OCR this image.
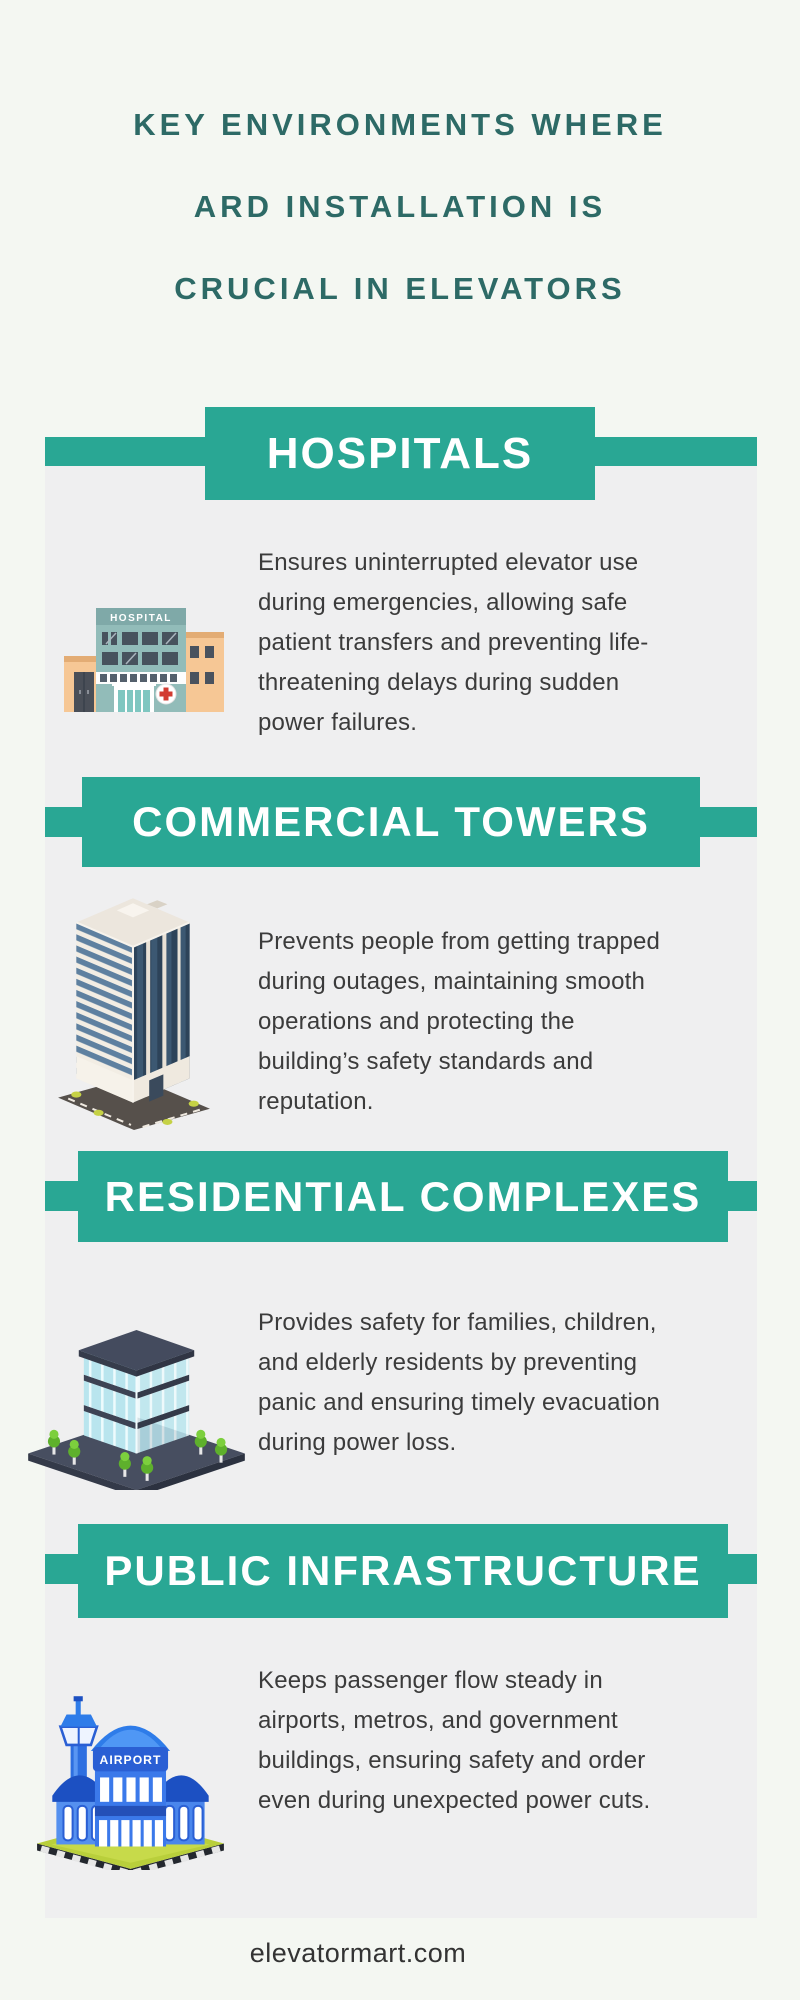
KEY ENVIRONMENTS WHERE
ARD INSTALLATION IS
CRUCIAL IN ELEVATORS
HOSPITALS
HOSPITAL

Ensures uninterrupted elevator use during emergencies, allowing safe patient transfers and preventing life-threatening delays during sudden power failures.

COMMERCIAL TOWERS

Prevents people from getting trapped during outages, maintaining smooth operations and protecting the building’s safety standards and reputation.

RESIDENTIAL COMPLEXES

Provides safety for families, children, and elderly residents by preventing panic and ensuring timely evacuation during power loss.

PUBLIC INFRASTRUCTURE
AIRPORT

Keeps passenger flow steady in airports, metros, and government buildings, ensuring safety and order even during unexpected power cuts.

elevatormart.com
